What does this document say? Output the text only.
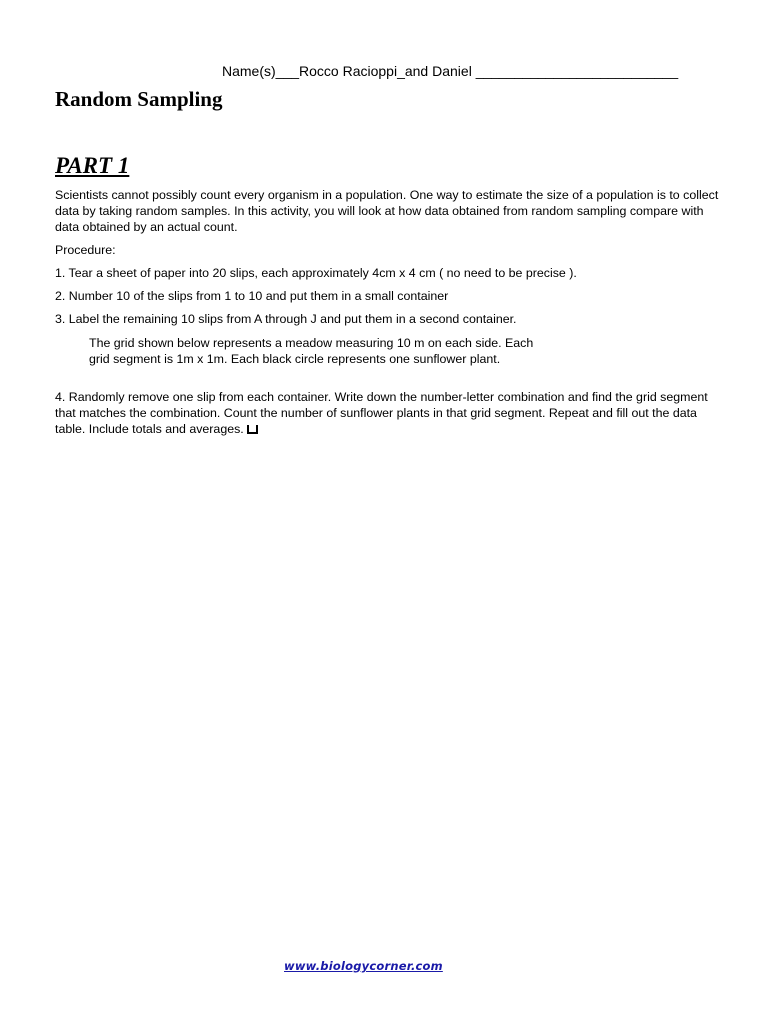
Name(s)___Rocco Racioppi_and Daniel __________________________
Random Sampling
PART 1

Scientists cannot possibly count every organism in a population. One way to estimate the size of a population is to collect data by taking random samples. In this activity, you will look at how data obtained from random sampling compare with data obtained by an actual count.

Procedure:

1. Tear a sheet of paper into 20 slips, each approximately 4cm x 4 cm ( no need to be precise ).

2. Number 10 of the slips from 1 to 10 and put them in a small container

3. Label the remaining 10 slips from A through J and put them in a second container.

The grid shown below represents a meadow measuring 10 m on each side. Each grid segment is 1m x 1m. Each black circle represents one sunflower plant.

4. Randomly remove one slip from each container. Write down the number-letter combination and find the grid segment that matches the combination. Count the number of sunflower plants in that grid segment. Repeat and fill out the data table. Include totals and averages.

www.biologycorner.com
